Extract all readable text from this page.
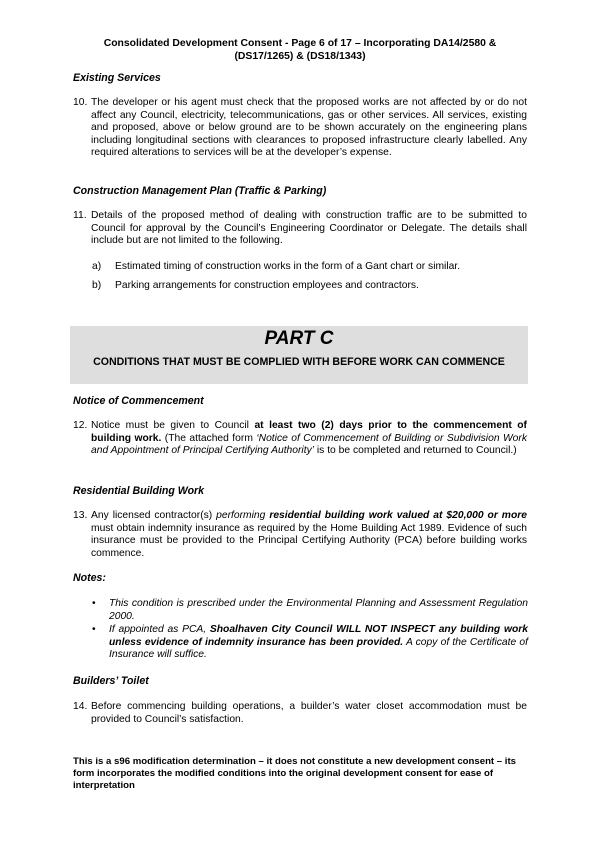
Consolidated Development Consent - Page 6 of 17 – Incorporating DA14/2580 &
(DS17/1265) & (DS18/1343)
Existing Services
10. The developer or his agent must check that the proposed works are not affected by or do not affect any Council, electricity, telecommunications, gas or other services. All services, existing and proposed, above or below ground are to be shown accurately on the engineering plans including longitudinal sections with clearances to proposed infrastructure clearly labelled. Any required alterations to services will be at the developer’s expense.
Construction Management Plan (Traffic & Parking)
11. Details of the proposed method of dealing with construction traffic are to be submitted to Council for approval by the Council’s Engineering Coordinator or Delegate. The details shall include but are not limited to the following.
a) Estimated timing of construction works in the form of a Gant chart or similar.
b) Parking arrangements for construction employees and contractors.
PART C
CONDITIONS THAT MUST BE COMPLIED WITH BEFORE WORK CAN COMMENCE
Notice of Commencement
12. Notice must be given to Council at least two (2) days prior to the commencement of building work. (The attached form ‘Notice of Commencement of Building or Subdivision Work and Appointment of Principal Certifying Authority’ is to be completed and returned to Council.)
Residential Building Work
13. Any licensed contractor(s) performing residential building work valued at $20,000 or more must obtain indemnity insurance as required by the Home Building Act 1989. Evidence of such insurance must be provided to the Principal Certifying Authority (PCA) before building works commence.
Notes:
• This condition is prescribed under the Environmental Planning and Assessment Regulation 2000.
• If appointed as PCA, Shoalhaven City Council WILL NOT INSPECT any building work unless evidence of indemnity insurance has been provided. A copy of the Certificate of Insurance will suffice.
Builders’ Toilet
14. Before commencing building operations, a builder’s water closet accommodation must be provided to Council’s satisfaction.
This is a s96 modification determination – it does not constitute a new development consent – its form incorporates the modified conditions into the original development consent for ease of interpretation
